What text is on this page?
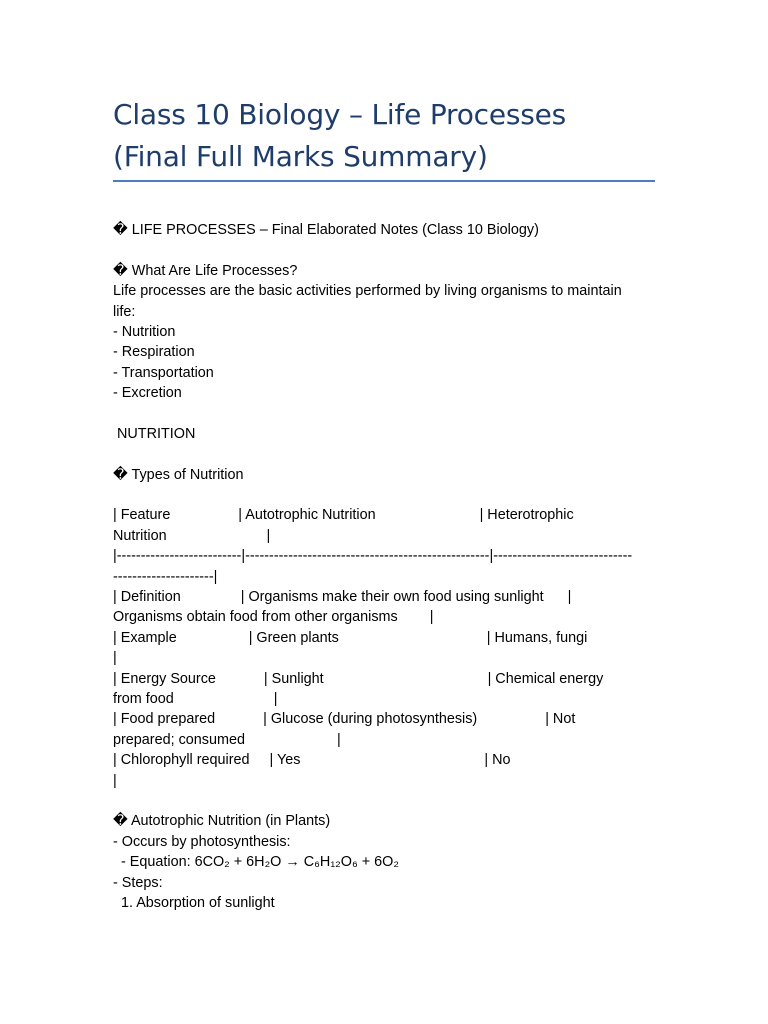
Class 10 Biology – Life Processes
(Final Full Marks Summary)
� LIFE PROCESSES – Final Elaborated Notes (Class 10 Biology)
� What Are Life Processes?
Life processes are the basic activities performed by living organisms to maintain
life:
- Nutrition
- Respiration
- Transportation
- Excretion
NUTRITION
� Types of Nutrition
| Feature                 | Autotrophic Nutrition                          | Heterotrophic
Nutrition                         |
|--------------------------|---------------------------------------------------|-----------------------------
---------------------|
| Definition               | Organisms make their own food using sunlight      |
Organisms obtain food from other organisms        |
| Example                  | Green plants                                     | Humans, fungi
|
| Energy Source            | Sunlight                                         | Chemical energy
from food                         |
| Food prepared            | Glucose (during photosynthesis)                 | Not
prepared; consumed                       |
| Chlorophyll required     | Yes                                              | No
|
� Autotrophic Nutrition (in Plants)
- Occurs by photosynthesis:
- Equation: 6CO₂ + 6H₂O → C₆H₁₂O₆ + 6O₂
- Steps:
1. Absorption of sunlight
